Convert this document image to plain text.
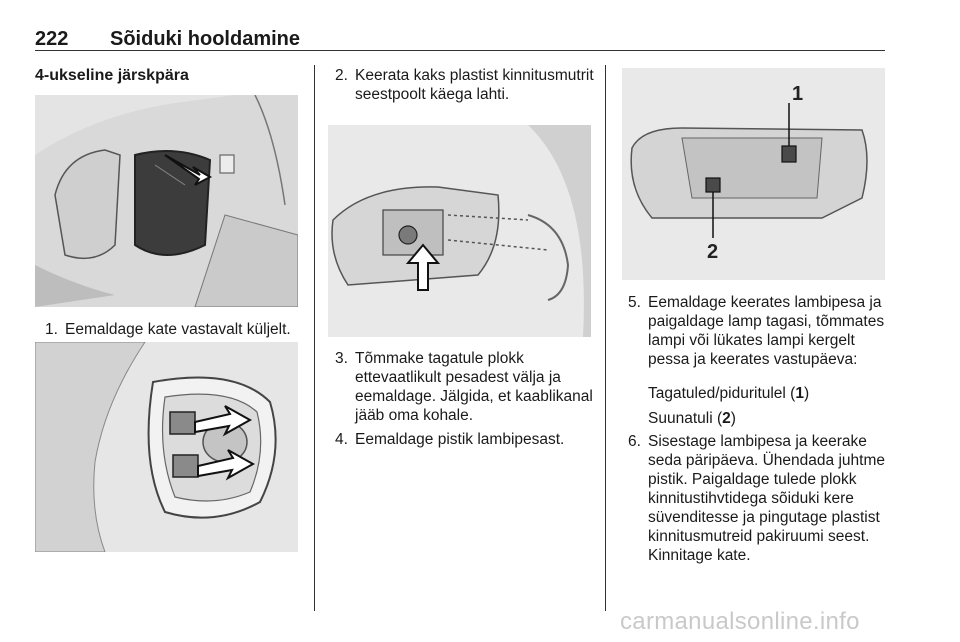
222 Sõiduki hooldamine
4-ukseline järskpära
1. Eemaldage kate vastavalt küljelt.
2. Keerata kaks plastist kinnitusmutrit seestpoolt käega lahti.
3. Tõmmake tagatule plokk ettevaatlikult pesadest välja ja eemaldage. Jälgida, et kaablikanal jääb oma kohale.
4. Eemaldage pistik lambipesast.
1
2
5. Eemaldage keerates lambipesa ja paigaldage lamp tagasi, tõmmates lampi või lükates lampi kergelt pessa ja keerates vastupäeva:
Tagatuled/piduritulel (1)
Suunatuli (2)
6. Sisestage lambipesa ja keerake seda päripäeva. Ühendada juhtme pistik. Paigaldage tulede plokk kinnitustihvtidega sõiduki kere süvenditesse ja pingutage plastist kinnitusmutreid pakiruumi seest. Kinnitage kate.
carmanualsonline.info
